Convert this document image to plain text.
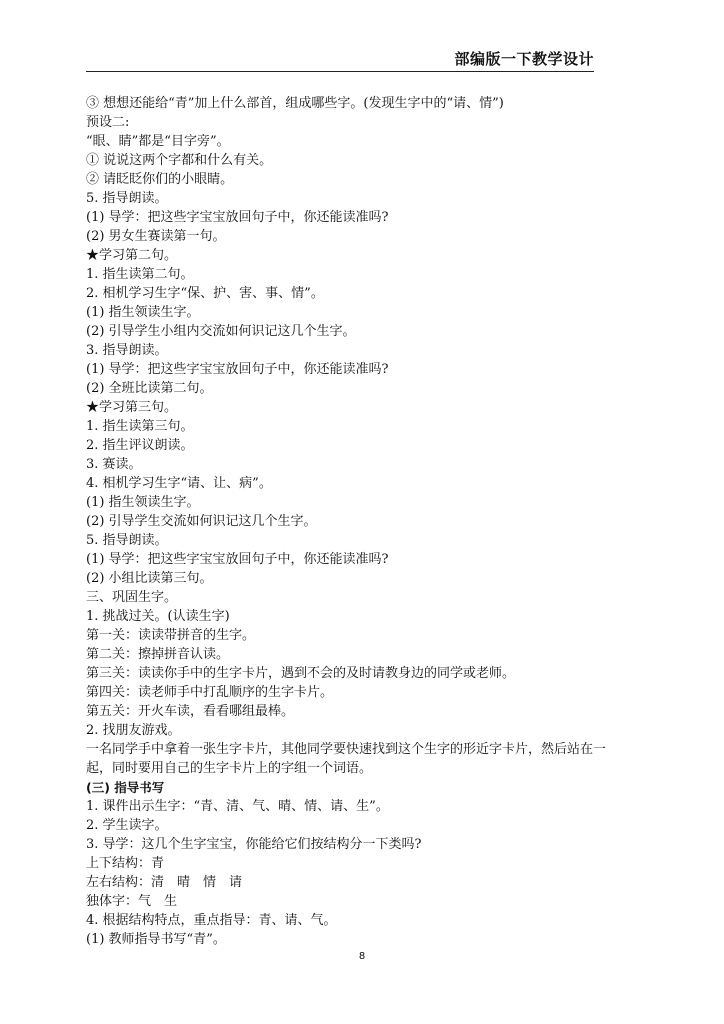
部编版一下教学设计
③ 想想还能给“青”加上什么部首，组成哪些字。(发现生字中的“请、情”)
预设二:
“眼、睛”都是“目字旁”。
① 说说这两个字都和什么有关。
② 请眨眨你们的小眼睛。
5. 指导朗读。
(1) 导学：把这些字宝宝放回句子中，你还能读准吗?
(2) 男女生赛读第一句。
★学习第二句。
1. 指生读第二句。
2. 相机学习生字“保、护、害、事、情”。
(1) 指生领读生字。
(2) 引导学生小组内交流如何识记这几个生字。
3. 指导朗读。
(1) 导学：把这些字宝宝放回句子中，你还能读准吗?
(2) 全班比读第二句。
★学习第三句。
1. 指生读第三句。
2. 指生评议朗读。
3. 赛读。
4. 相机学习生字“请、让、病”。
(1) 指生领读生字。
(2) 引导学生交流如何识记这几个生字。
5. 指导朗读。
(1) 导学：把这些字宝宝放回句子中，你还能读准吗?
(2) 小组比读第三句。
三、巩固生字。
1. 挑战过关。(认读生字)
第一关：读读带拼音的生字。
第二关：擦掉拼音认读。
第三关：读读你手中的生字卡片，遇到不会的及时请教身边的同学或老师。
第四关：读老师手中打乱顺序的生字卡片。
第五关：开火车读，看看哪组最棒。
2. 找朋友游戏。
一名同学手中拿着一张生字卡片，其他同学要快速找到这个生字的形近字卡片，然后站在一起，同时要用自己的生字卡片上的字组一个词语。
(三) 指导书写
1. 课件出示生字：“青、清、气、晴、情、请、生”。
2. 学生读字。
3. 导学：这几个生字宝宝，你能给它们按结构分一下类吗?
上下结构：青
左右结构：清　晴　情　请
独体字：气　生
4. 根据结构特点，重点指导：青、请、气。
(1) 教师指导书写“青”。
8
